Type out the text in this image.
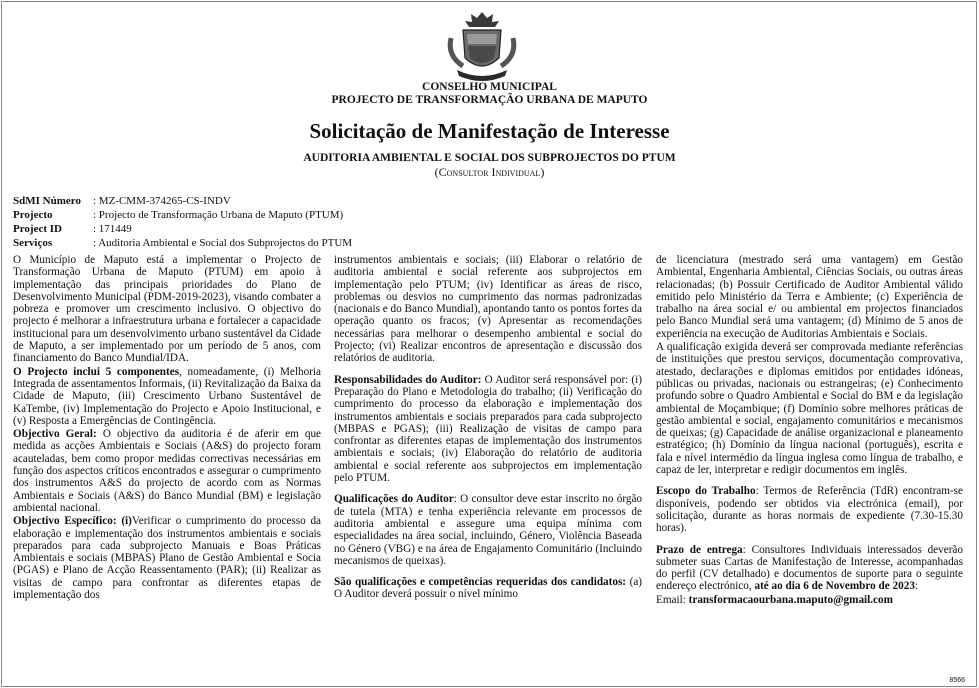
CONSELHO MUNICIPAL
PROJECTO DE TRANSFORMAÇÃO URBANA DE MAPUTO
Solicitação de Manifestação de Interesse
AUDITORIA AMBIENTAL E SOCIAL DOS SUBPROJECTOS DO PTUM
(Consultor Individual)
SdMI Número	: MZ-CMM-374265-CS-INDV
Projecto	: Projecto de Transformação Urbana de Maputo (PTUM)
Project ID	: 171449
Serviços	: Auditoria Ambiental e Social dos Subprojectos do PTUM

O Município de Maputo está a implementar o Projecto de Transformação Urbana de Maputo (PTUM) em apoio à implementação das principais prioridades do Plano de Desenvolvimento Municipal (PDM-2019-2023), visando combater a pobreza e promover um crescimento inclusivo. O objectivo do projecto é melhorar a infraestrutura urbana e fortalecer a capacidade institucional para um desenvolvimento urbano sustentável da Cidade de Maputo, a ser implementado por um período de 5 anos, com financiamento do Banco Mundial/IDA.

O Projecto inclui 5 componentes, nomeadamente, (i) Melhoria Integrada de assentamentos Informais, (ii) Revitalização da Baixa da Cidade de Maputo, (iii) Crescimento Urbano Sustentável de KaTembe, (iv) Implementação do Projecto e Apoio Institucional, e (v) Resposta a Emergências de Contingência.

Objectivo Geral: O objectivo da auditoria é de aferir em que medida as acções Ambientais e Sociais (A&S) do projecto foram acauteladas, bem como propor medidas correctivas necessárias em função dos aspectos críticos encontrados e assegurar o cumprimento dos instrumentos A&S do projecto de acordo com as Normas Ambientais e Sociais (A&S) do Banco Mundial (BM) e legislação ambiental nacional.

Objectivo Específico: (i)Verificar o cumprimento do processo da elaboração e implementação dos instrumentos ambientais e sociais preparados para cada subprojecto Manuais e Boas Práticas Ambientais e sociais (MBPAS) Plano de Gestão Ambiental e Socia (PGAS) e Plano de Acção Reassentamento (PAR); (ii) Realizar as visitas de campo para confrontar as diferentes etapas de implementação dos

instrumentos ambientais e sociais; (iii) Elaborar o relatório de auditoria ambiental e social referente aos subprojectos em implementação pelo PTUM; (iv) Identificar as áreas de risco, problemas ou desvios no cumprimento das normas padronizadas (nacionais e do Banco Mundial), apontando tanto os pontos fortes da operação quanto os fracos; (v) Apresentar as recomendações necessárias para melhorar o desempenho ambiental e social do Projecto; (vi) Realizar encontros de apresentação e discussão dos relatórios de auditoria.

Responsabilidades do Auditor: O Auditor será responsável por: (i) Preparação do Plano e Metodologia do trabalho; (ii) Verificação do cumprimento do processo da elaboração e implementação dos instrumentos ambientais e sociais preparados para cada subprojecto (MBPAS e PGAS); (iii) Realização de visitas de campo para confrontar as diferentes etapas de implementação dos instrumentos ambientais e sociais; (iv) Elaboração do relatório de auditoria ambiental e social referente aos subprojectos em implementação pelo PTUM.

Qualificações do Auditor: O consultor deve estar inscrito no órgão de tutela (MTA) e tenha experiência relevante em processos de auditoria ambiental e assegure uma equipa mínima com especialidades na área social, incluindo, Género, Violência Baseada no Género (VBG) e na área de Engajamento Comunitário (Incluindo mecanismos de queixas).

São qualificações e competências requeridas dos candidatos: (a) O Auditor deverá possuir o nível mínimo

de licenciatura (mestrado será uma vantagem) em Gestão Ambiental, Engenharia Ambiental, Ciências Sociais, ou outras áreas relacionadas; (b) Possuir Certificado de Auditor Ambiental válido emitido pelo Ministério da Terra e Ambiente; (c) Experiência de trabalho na área social e/ ou ambiental em projectos financiados pelo Banco Mundial será uma vantagem; (d) Mínimo de 5 anos de experiência na execução de Auditorias Ambientais e Sociais.

A qualificação exigida deverá ser comprovada mediante referências de instituições que prestou serviços, documentação comprovativa, atestado, declarações e diplomas emitidos por entidades idóneas, públicas ou privadas, nacionais ou estrangeiras; (e) Conhecimento profundo sobre o Quadro Ambiental e Social do BM e da legislação ambiental de Moçambique; (f) Domínio sobre melhores práticas de gestão ambiental e social, engajamento comunitários e mecanismos de queixas; (g) Capacidade de análise organizacional e planeamento estratégico; (h) Domínio da língua nacional (português), escrita e fala e nível intermédio da língua inglesa como língua de trabalho, e capaz de ler, interpretar e redigir documentos em inglês.

Escopo do Trabalho: Termos de Referência (TdR) encontram-se disponíveis, podendo ser obtidos via electrónica (email), por solicitação, durante as horas normais de expediente (7.30-15.30 horas).

Prazo de entrega: Consultores Individuais interessados deverão submeter suas Cartas de Manifestação de Interesse, acompanhadas do perfil (CV detalhado) e documentos de suporte para o seguinte endereço electrónico, até ao dia 6 de Novembro de 2023:

Email: transformacaourbana.maputo@gmail.com

8566
